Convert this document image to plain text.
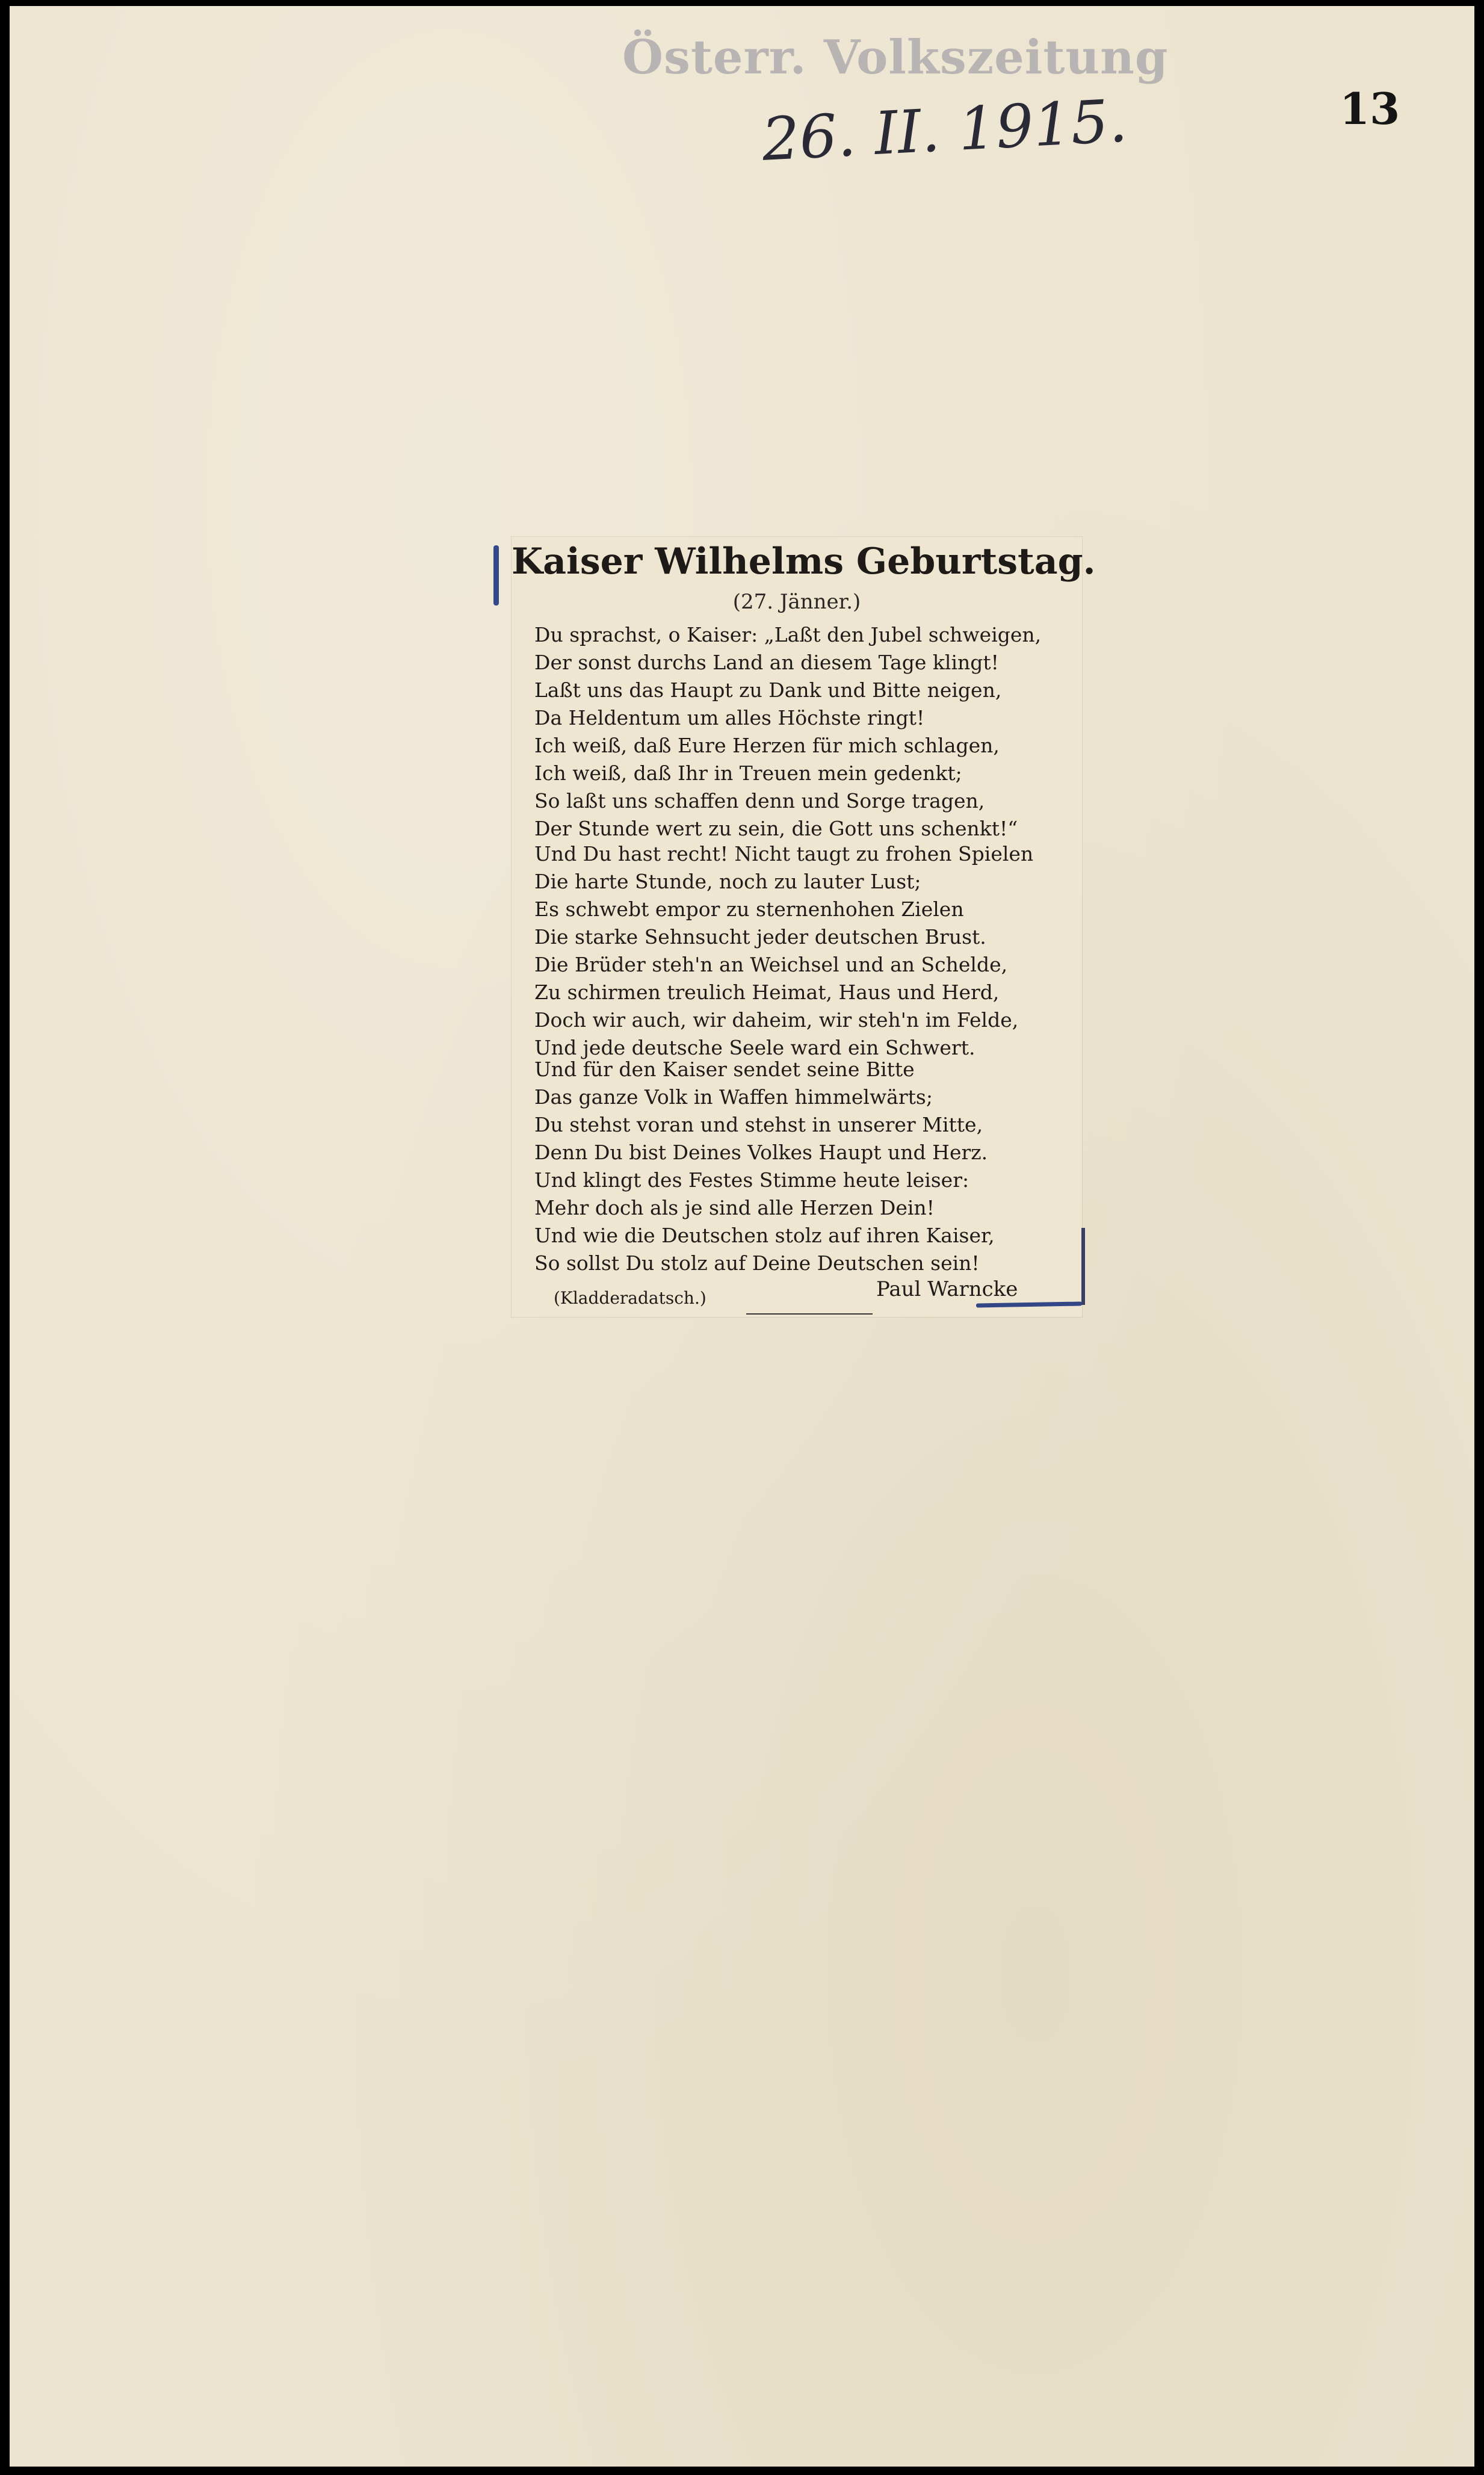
Österr. Volkszeitung
26. II. 1915.	13
Kaiser Wilhelms Geburtstag.
(27. Jänner.)
Du sprachst, o Kaiser: „Laßt den Jubel schweigen,
Der sonst durchs Land an diesem Tage klingt!
Laßt uns das Haupt zu Dank und Bitte neigen,
Da Heldentum um alles Höchste ringt!
Ich weiß, daß Eure Herzen für mich schlagen,
Ich weiß, daß Ihr in Treuen mein gedenkt;
So laßt uns schaffen denn und Sorge tragen,
Der Stunde wert zu sein, die Gott uns schenkt!“
Und Du hast recht! Nicht taugt zu frohen Spielen
Die harte Stunde, noch zu lauter Lust;
Es schwebt empor zu sternenhohen Zielen
Die starke Sehnsucht jeder deutschen Brust.
Die Brüder steh'n an Weichsel und an Schelde,
Zu schirmen treulich Heimat, Haus und Herd,
Doch wir auch, wir daheim, wir steh'n im Felde,
Und jede deutsche Seele ward ein Schwert.
Und für den Kaiser sendet seine Bitte
Das ganze Volk in Waffen himmelwärts;
Du stehst voran und stehst in unserer Mitte,
Denn Du bist Deines Volkes Haupt und Herz.
Und klingt des Festes Stimme heute leiser:
Mehr doch als je sind alle Herzen Dein!
Und wie die Deutschen stolz auf ihren Kaiser,
So sollst Du stolz auf Deine Deutschen sein!
(Kladderadatsch.)	Paul Warncke
